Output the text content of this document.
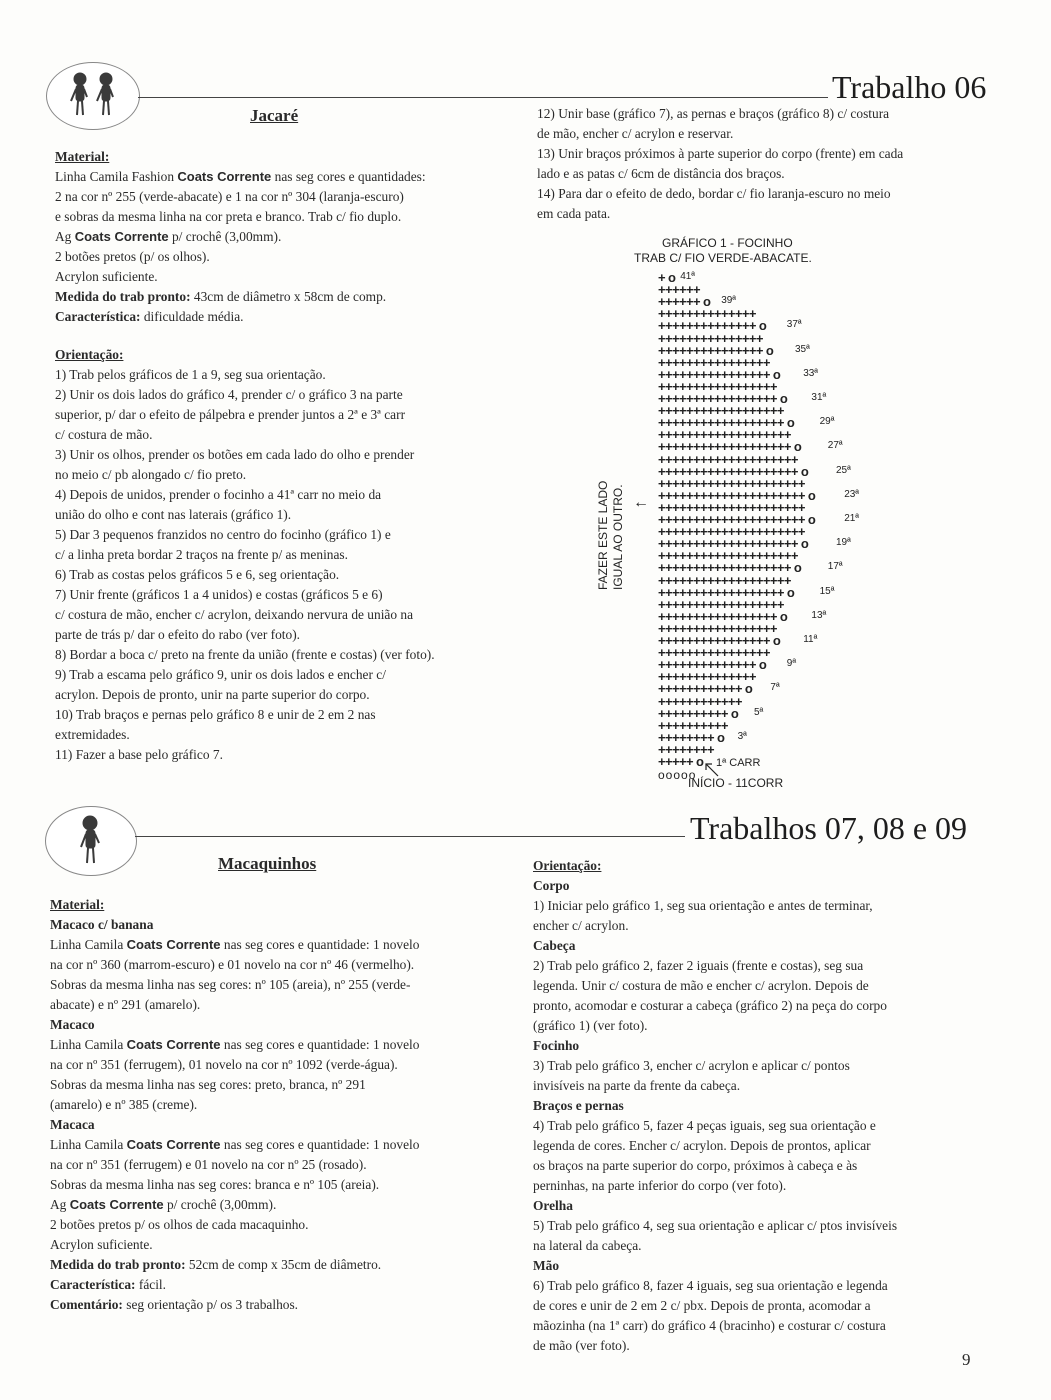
Trabalho 06
Jacaré

Material:

Linha Camila Fashion Coats Corrente nas seg cores e quantidades:

2 na cor nº 255 (verde-abacate) e 1 na cor nº 304 (laranja-escuro)

e sobras da mesma linha na cor preta e branco. Trab c/ fio duplo.

Ag Coats Corrente p/ crochê (3,00mm).

2 botões pretos (p/ os olhos).

Acrylon suficiente.

Medida do trab pronto: 43cm de diâmetro x 58cm de comp.

Característica: dificuldade média.

Orientação:

1) Trab pelos gráficos de 1 a 9, seg sua orientação.

2) Unir os dois lados do gráfico 4, prender c/ o gráfico 3 na parte

superior, p/ dar o efeito de pálpebra e prender juntos a 2ª e 3ª carr

c/ costura de mão.

3) Unir os olhos, prender os botões em cada lado do olho e prender

no meio c/ pb alongado c/ fio preto.

4) Depois de unidos, prender o focinho a 41ª carr no meio da

união do olho e cont nas laterais (gráfico 1).

5) Dar 3 pequenos franzidos no centro do focinho (gráfico 1) e

c/ a linha preta bordar 2 traços na frente p/ as meninas.

6) Trab as costas pelos gráficos 5 e 6, seg orientação.

7) Unir frente (gráficos 1 a 4 unidos) e costas (gráficos 5 e 6)

c/ costura de mão, encher c/ acrylon, deixando nervura de união na

parte de trás p/ dar o efeito do rabo (ver foto).

8) Bordar a boca c/ preto na frente da união (frente e costas) (ver foto).

9) Trab a escama pelo gráfico 9, unir os dois lados e encher c/

acrylon. Depois de pronto, unir na parte superior do corpo.

10) Trab braços e pernas pelo gráfico 8 e unir de 2 em 2 nas

extremidades.

11) Fazer a base pelo gráfico 7.

12) Unir base (gráfico 7), as pernas e braços (gráfico 8) c/ costura

de mão, encher c/ acrylon e reservar.

13) Unir braços próximos à parte superior do corpo (frente) em cada

lado e as patas c/ 6cm de distância dos braços.

14) Para dar o efeito de dedo, bordar c/ fio laranja-escuro no meio

em cada pata.

GRÁFICO 1 - FOCINHO
TRAB C/ FIO VERDE-ABACATE.
FAZER ESTE LADO IGUAL AO OUTRO. ←
+++++ o
++++++++
++++++++ o 3ª
++++++++++
++++++++++ o 5ª
++++++++++++
++++++++++++ o 7ª
++++++++++++++
++++++++++++++ o 9ª
++++++++++++++++
++++++++++++++++ o 11ª
+++++++++++++++++
+++++++++++++++++ o 13ª
++++++++++++++++++
++++++++++++++++++ o	15ª
+++++++++++++++++++
+++++++++++++++++++ o	17ª
++++++++++++++++++++
++++++++++++++++++++ o	19ª
+++++++++++++++++++++
+++++++++++++++++++++ o	21ª
+++++++++++++++++++++
+++++++++++++++++++++ o	23ª
+++++++++++++++++++++
++++++++++++++++++++ o	25ª
++++++++++++++++++++
+++++++++++++++++++ o	27ª
+++++++++++++++++++
++++++++++++++++++ o	29ª
++++++++++++++++++
+++++++++++++++++ o 31ª
+++++++++++++++++
++++++++++++++++ o 33ª
++++++++++++++++
+++++++++++++++ o 35ª
+++++++++++++++
++++++++++++++ o 37ª
++++++++++++++
++++++ o 39ª
++++++
+ o 41ª
ooooo
1ª CARR
INÍCIO - 11CORR
Trabalhos 07, 08 e 09
Macaquinhos

Material:

Macaco c/ banana

Linha Camila Coats Corrente nas seg cores e quantidade: 1 novelo

na cor nº 360 (marrom-escuro) e 01 novelo na cor nº 46 (vermelho).

Sobras da mesma linha nas seg cores: nº 105 (areia), nº 255 (verde-

abacate) e nº 291 (amarelo).

Macaco

Linha Camila Coats Corrente nas seg cores e quantidade: 1 novelo

na cor nº 351 (ferrugem), 01 novelo na cor nº 1092 (verde-água).

Sobras da mesma linha nas seg cores: preto, branca, nº 291

(amarelo) e nº 385 (creme).

Macaca

Linha Camila Coats Corrente nas seg cores e quantidade: 1 novelo

na cor nº 351 (ferrugem) e 01 novelo na cor nº 25 (rosado).

Sobras da mesma linha nas seg cores: branca e nº 105 (areia).

Ag Coats Corrente p/ crochê (3,00mm).

2 botões pretos p/ os olhos de cada macaquinho.

Acrylon suficiente.

Medida do trab pronto: 52cm de comp x 35cm de diâmetro.

Característica: fácil.

Comentário: seg orientação p/ os 3 trabalhos.

Orientação:

Corpo

1) Iniciar pelo gráfico 1, seg sua orientação e antes de terminar,

encher c/ acrylon.

Cabeça

2) Trab pelo gráfico 2, fazer 2 iguais (frente e costas), seg sua

legenda. Unir c/ costura de mão e encher c/ acrylon. Depois de

pronto, acomodar e costurar a cabeça (gráfico 2) na peça do corpo

(gráfico 1) (ver foto).

Focinho

3) Trab pelo gráfico 3, encher c/ acrylon e aplicar c/ pontos

invisíveis na parte da frente da cabeça.

Braços e pernas

4) Trab pelo gráfico 5, fazer 4 peças iguais, seg sua orientação e

legenda de cores. Encher c/ acrylon. Depois de prontos, aplicar

os braços na parte superior do corpo, próximos à cabeça e às

perninhas, na parte inferior do corpo (ver foto).

Orelha

5) Trab pelo gráfico 4, seg sua orientação e aplicar c/ ptos invisíveis

na lateral da cabeça.

Mão

6) Trab pelo gráfico 8, fazer 4 iguais, seg sua orientação e legenda

de cores e unir de 2 em 2 c/ pbx. Depois de pronta, acomodar a

mãozinha (na 1ª carr) do gráfico 4 (bracinho) e costurar c/ costura

de mão (ver foto).

9
